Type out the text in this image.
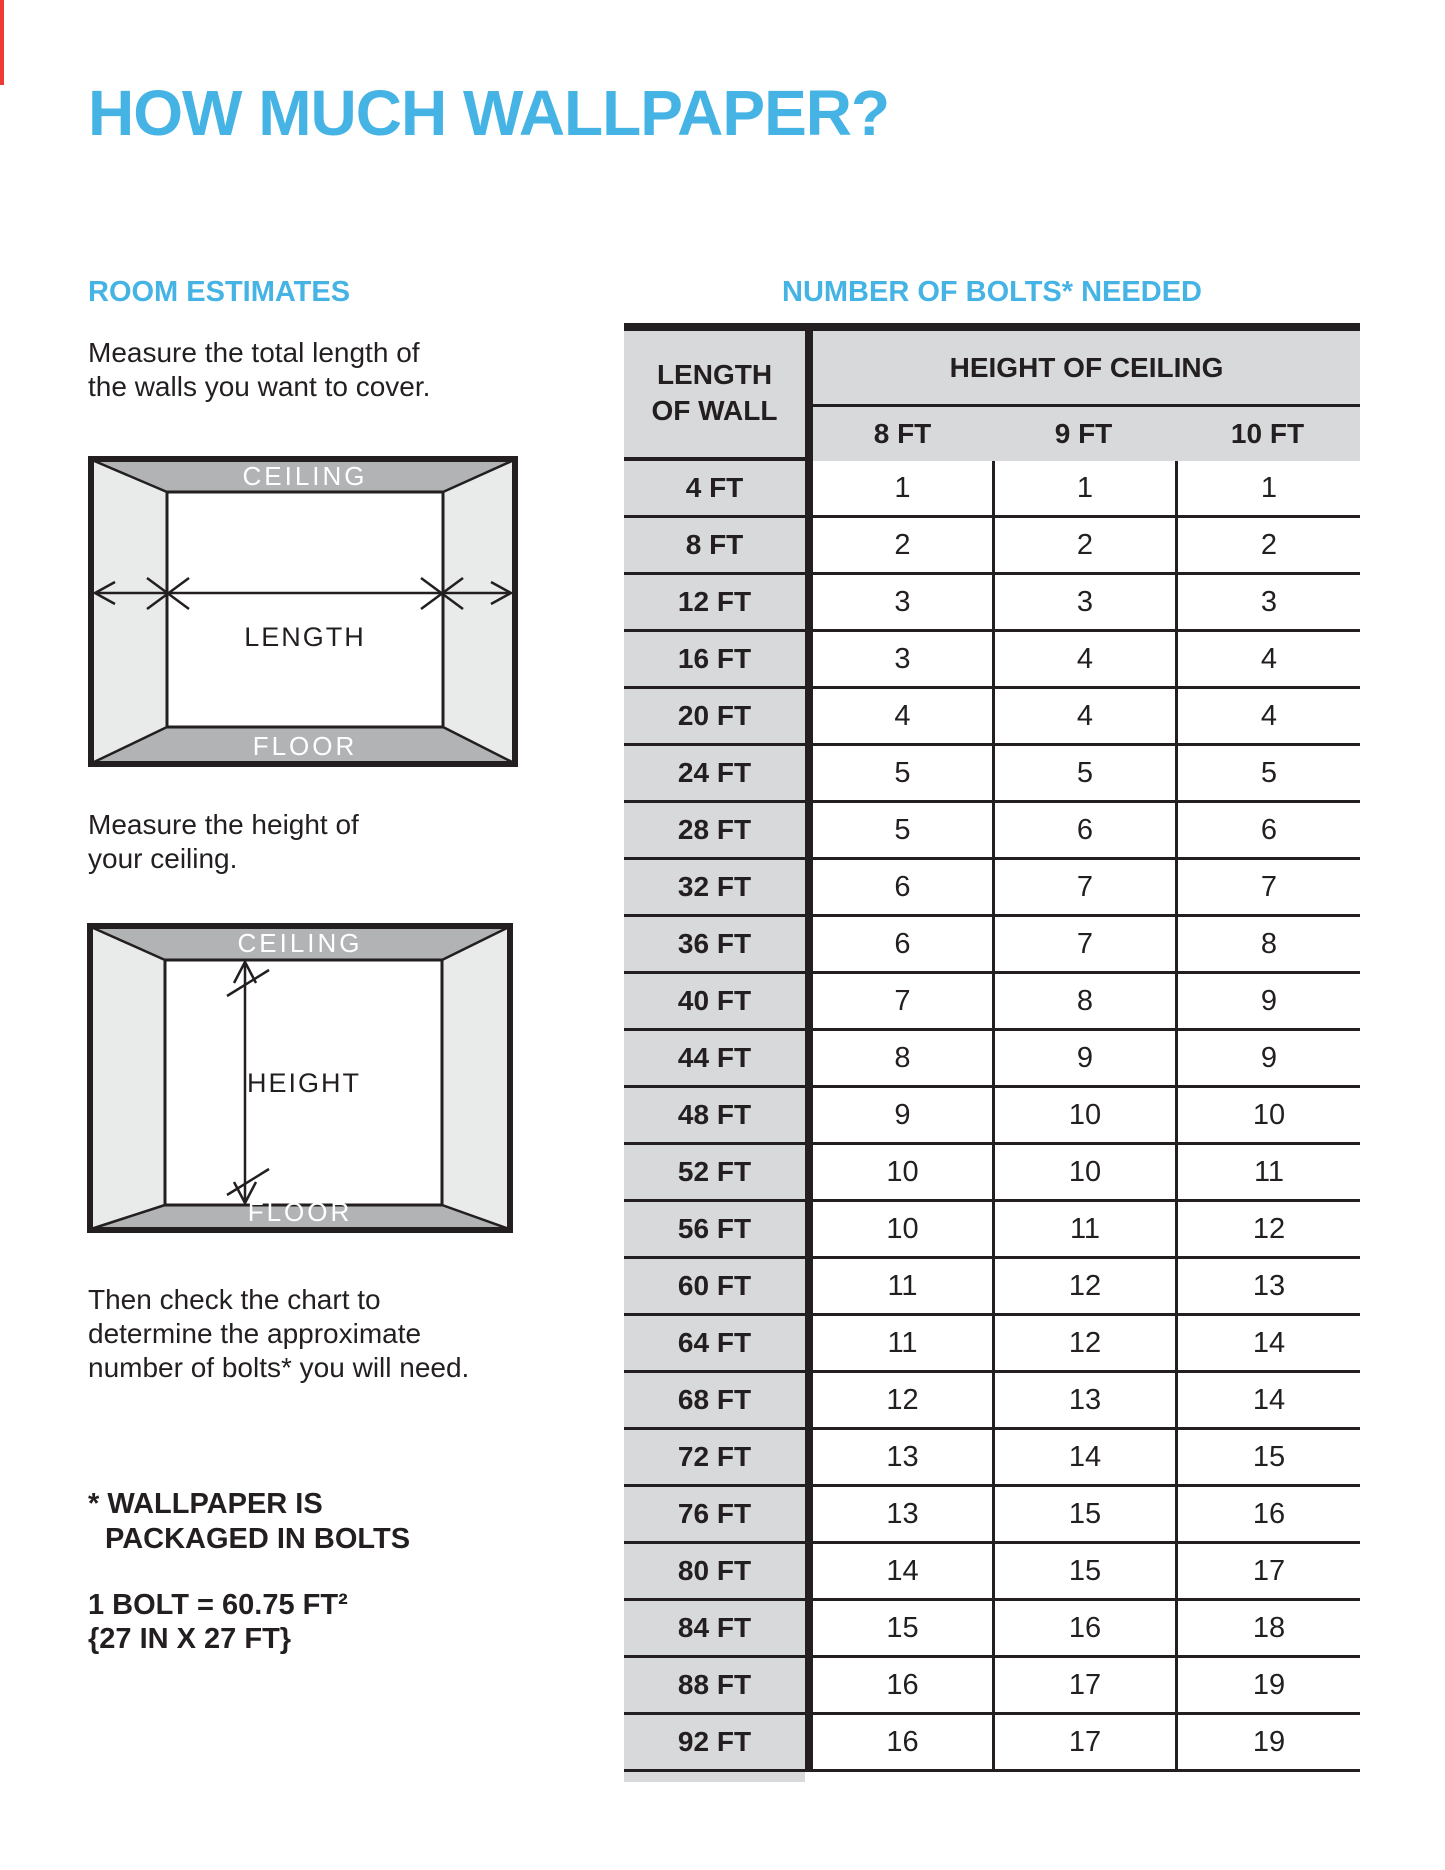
HOW MUCH WALLPAPER?
ROOM ESTIMATES	NUMBER OF BOLTS* NEEDED
Measure the total length of
the walls you want to cover.
CEILING
LENGTH
FLOOR
Measure the height of
your ceiling.
CEILING
HEIGHT
FLOOR
Then check the chart to
determine the approximate
number of bolts* you will need.
* WALLPAPER IS
PACKAGED IN BOLTS
1 BOLT = 60.75 FT²
{27 IN X 27 FT}
LENGTH
OF WALL
HEIGHT OF CEILING
8 FT	9 FT	10 FT
4 FT	1	1	1
8 FT	2	2	2
12 FT	3	3	3
16 FT	3	4	4
20 FT	4	4	4
24 FT	5	5	5
28 FT	5	6	6
32 FT	6	7	7
36 FT	6	7	8
40 FT	7	8	9
44 FT	8	9	9
48 FT	9	10	10
52 FT	10	10	11
56 FT	10	11	12
60 FT	11	12	13
64 FT	11	12	14
68 FT	12	13	14
72 FT	13	14	15
76 FT	13	15	16
80 FT	14	15	17
84 FT	15	16	18
88 FT	16	17	19
92 FT	16	17	19
